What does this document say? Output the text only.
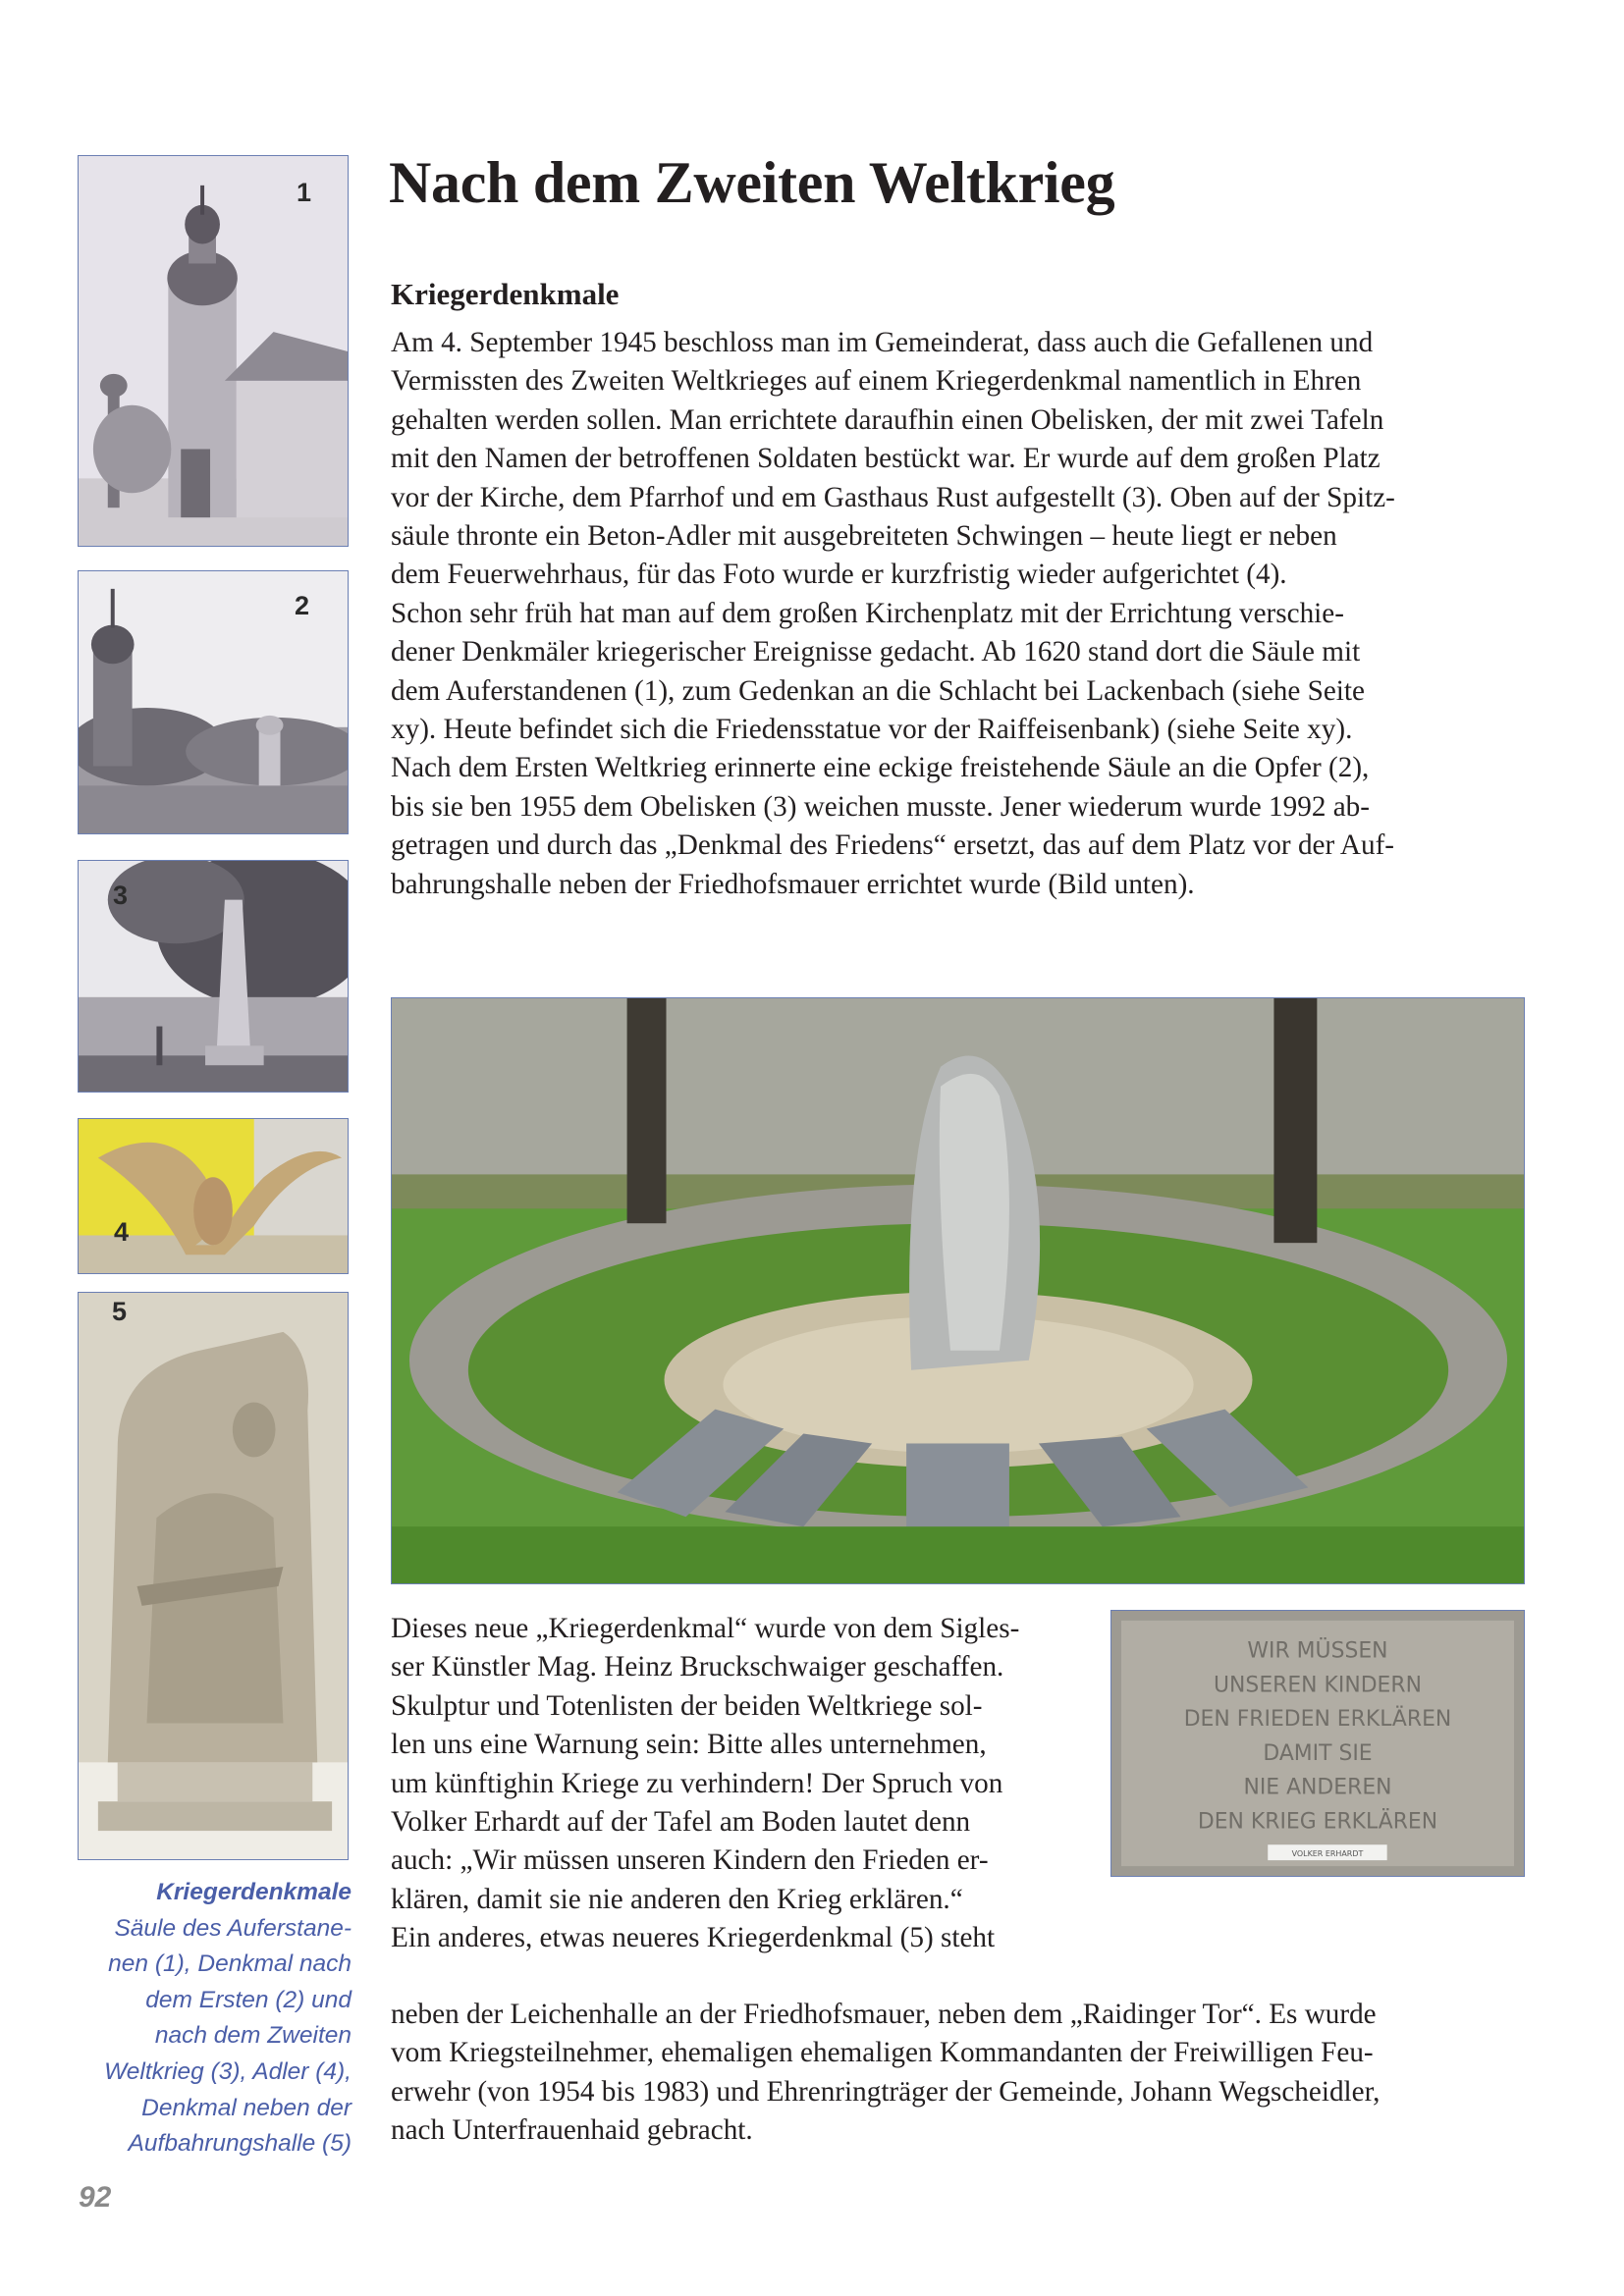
1
2
3
4
5
Kriegerdenkmale
Säule des Auferstane-
nen (1), Denkmal nach
dem Ersten (2) und
nach dem Zweiten
Weltkrieg (3), Adler (4),
Denkmal neben der
Aufbahrungshalle (5)
92
Nach dem Zweiten Weltkrieg
Kriegerdenkmale
Am 4. September 1945 beschloss man im Gemeinderat, dass auch die Gefallenen und
Vermissten des Zweiten Weltkrieges auf einem Kriegerdenkmal namentlich in Ehren
gehalten werden sollen. Man errichtete daraufhin einen Obelisken, der mit zwei Tafeln
mit den Namen der betroffenen Soldaten bestückt war. Er wurde auf dem großen Platz
vor der Kirche, dem Pfarrhof und em Gasthaus Rust aufgestellt (3). Oben auf der Spitz-
säule thronte ein Beton-Adler mit ausgebreiteten Schwingen – heute liegt er neben
dem Feuerwehrhaus, für das Foto wurde er kurzfristig wieder aufgerichtet (4).
Schon sehr früh hat man auf dem großen Kirchenplatz mit der Errichtung verschie-
dener Denkmäler kriegerischer Ereignisse gedacht. Ab 1620 stand dort die Säule mit
dem Auferstandenen (1), zum Gedenkan an die Schlacht bei Lackenbach (siehe Seite
xy). Heute befindet sich die Friedensstatue vor der Raiffeisenbank) (siehe Seite xy).
Nach dem Ersten Weltkrieg erinnerte eine eckige freistehende Säule an die Opfer (2),
bis sie ben 1955 dem Obelisken (3) weichen musste. Jener wiederum wurde 1992 ab-
getragen und durch das „Denkmal des Friedens“ ersetzt, das auf dem Platz vor der Auf-
bahrungshalle neben der Friedhofsmauer errichtet wurde (Bild unten).
Dieses neue „Kriegerdenkmal“ wurde von dem Sigles-
ser Künstler Mag. Heinz Bruckschwaiger geschaffen.
Skulptur und Totenlisten der beiden Weltkriege sol-
len uns eine Warnung sein: Bitte alles unternehmen,
um künftighin Kriege zu verhindern! Der Spruch von
Volker Erhardt auf der Tafel am Boden lautet denn
auch: „Wir müssen unseren Kindern den Frieden er-
klären, damit sie nie anderen den Krieg erklären.“
Ein anderes, etwas neueres Kriegerdenkmal (5) steht
WIR MÜSSEN
UNSEREN KINDERN
DEN FRIEDEN ERKLÄREN
DAMIT SIE
NIE ANDEREN
DEN KRIEG ERKLÄREN
VOLKER ERHARDT
neben der Leichenhalle an der Friedhofsmauer, neben dem „Raidinger Tor“. Es wurde
vom Kriegsteilnehmer, ehemaligen ehemaligen Kommandanten der Freiwilligen Feu-
erwehr (von 1954 bis 1983) und Ehrenringträger der Gemeinde, Johann Wegscheidler,
nach Unterfrauenhaid gebracht.
